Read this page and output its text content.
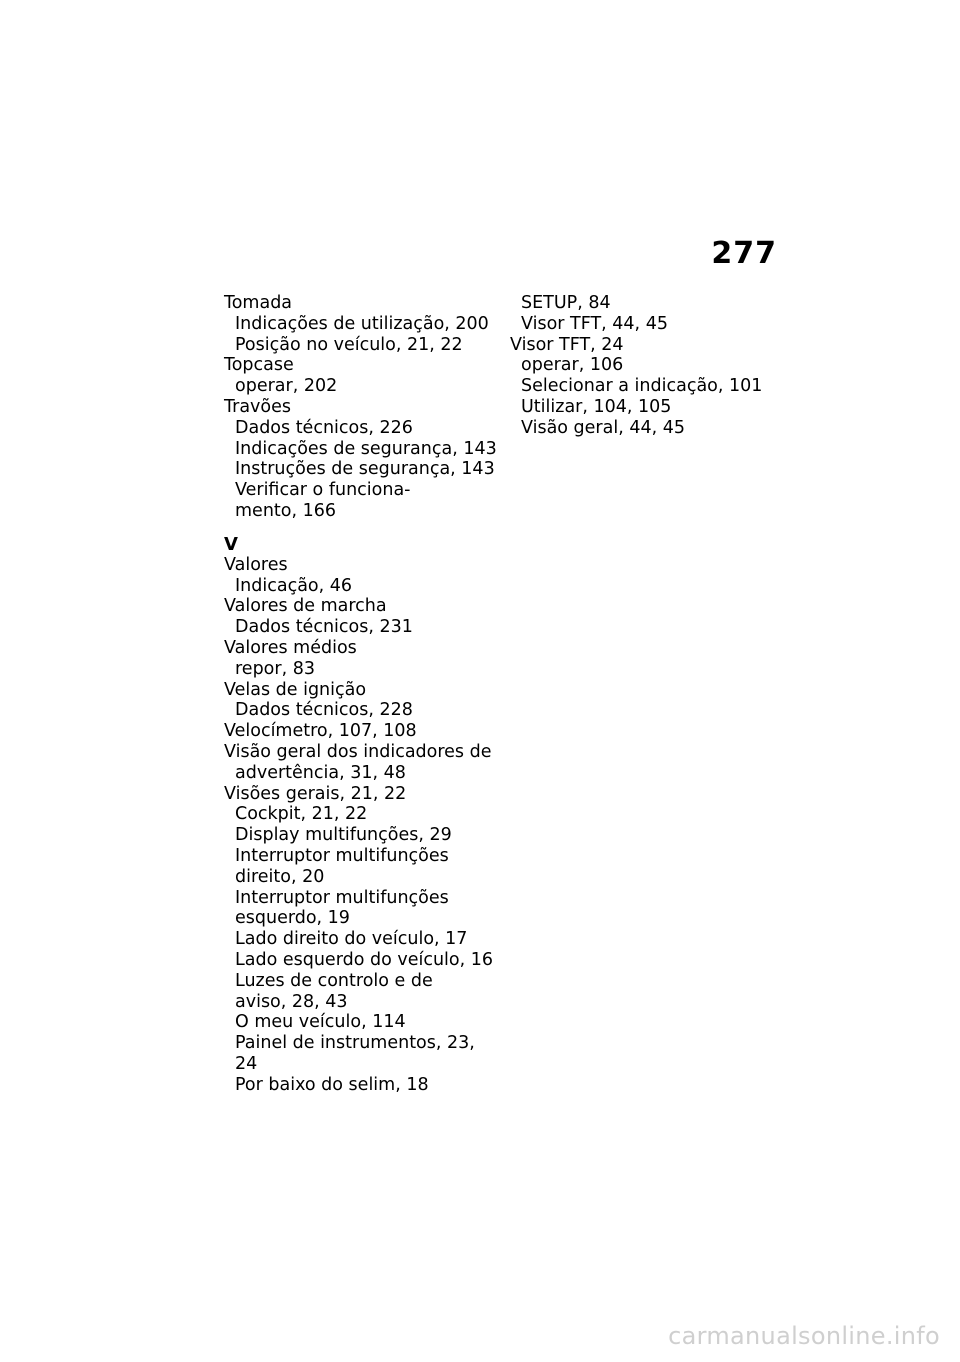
277
Tomada
Indicações de utilização, 200
Posição no veículo, 21, 22
Topcase
operar, 202
Travões
Dados técnicos, 226
Indicações de segurança, 143
Instruções de segurança, 143
Verificar o funciona-
mento, 166
V
Valores
Indicação, 46
Valores de marcha
Dados técnicos, 231
Valores médios
repor, 83
Velas de ignição
Dados técnicos, 228
Velocímetro, 107, 108
Visão geral dos indicadores de
advertência, 31, 48
Visões gerais, 21, 22
Cockpit, 21, 22
Display multifunções, 29
Interruptor multifunções
direito, 20
Interruptor multifunções
esquerdo, 19
Lado direito do veículo, 17
Lado esquerdo do veículo, 16
Luzes de controlo e de
aviso, 28, 43
O meu veículo, 114
Painel de instrumentos, 23,
24
Por baixo do selim, 18
SETUP, 84
Visor TFT, 44, 45
Visor TFT, 24
operar, 106
Selecionar a indicação, 101
Utilizar, 104, 105
Visão geral, 44, 45
carmanualsonline.info
